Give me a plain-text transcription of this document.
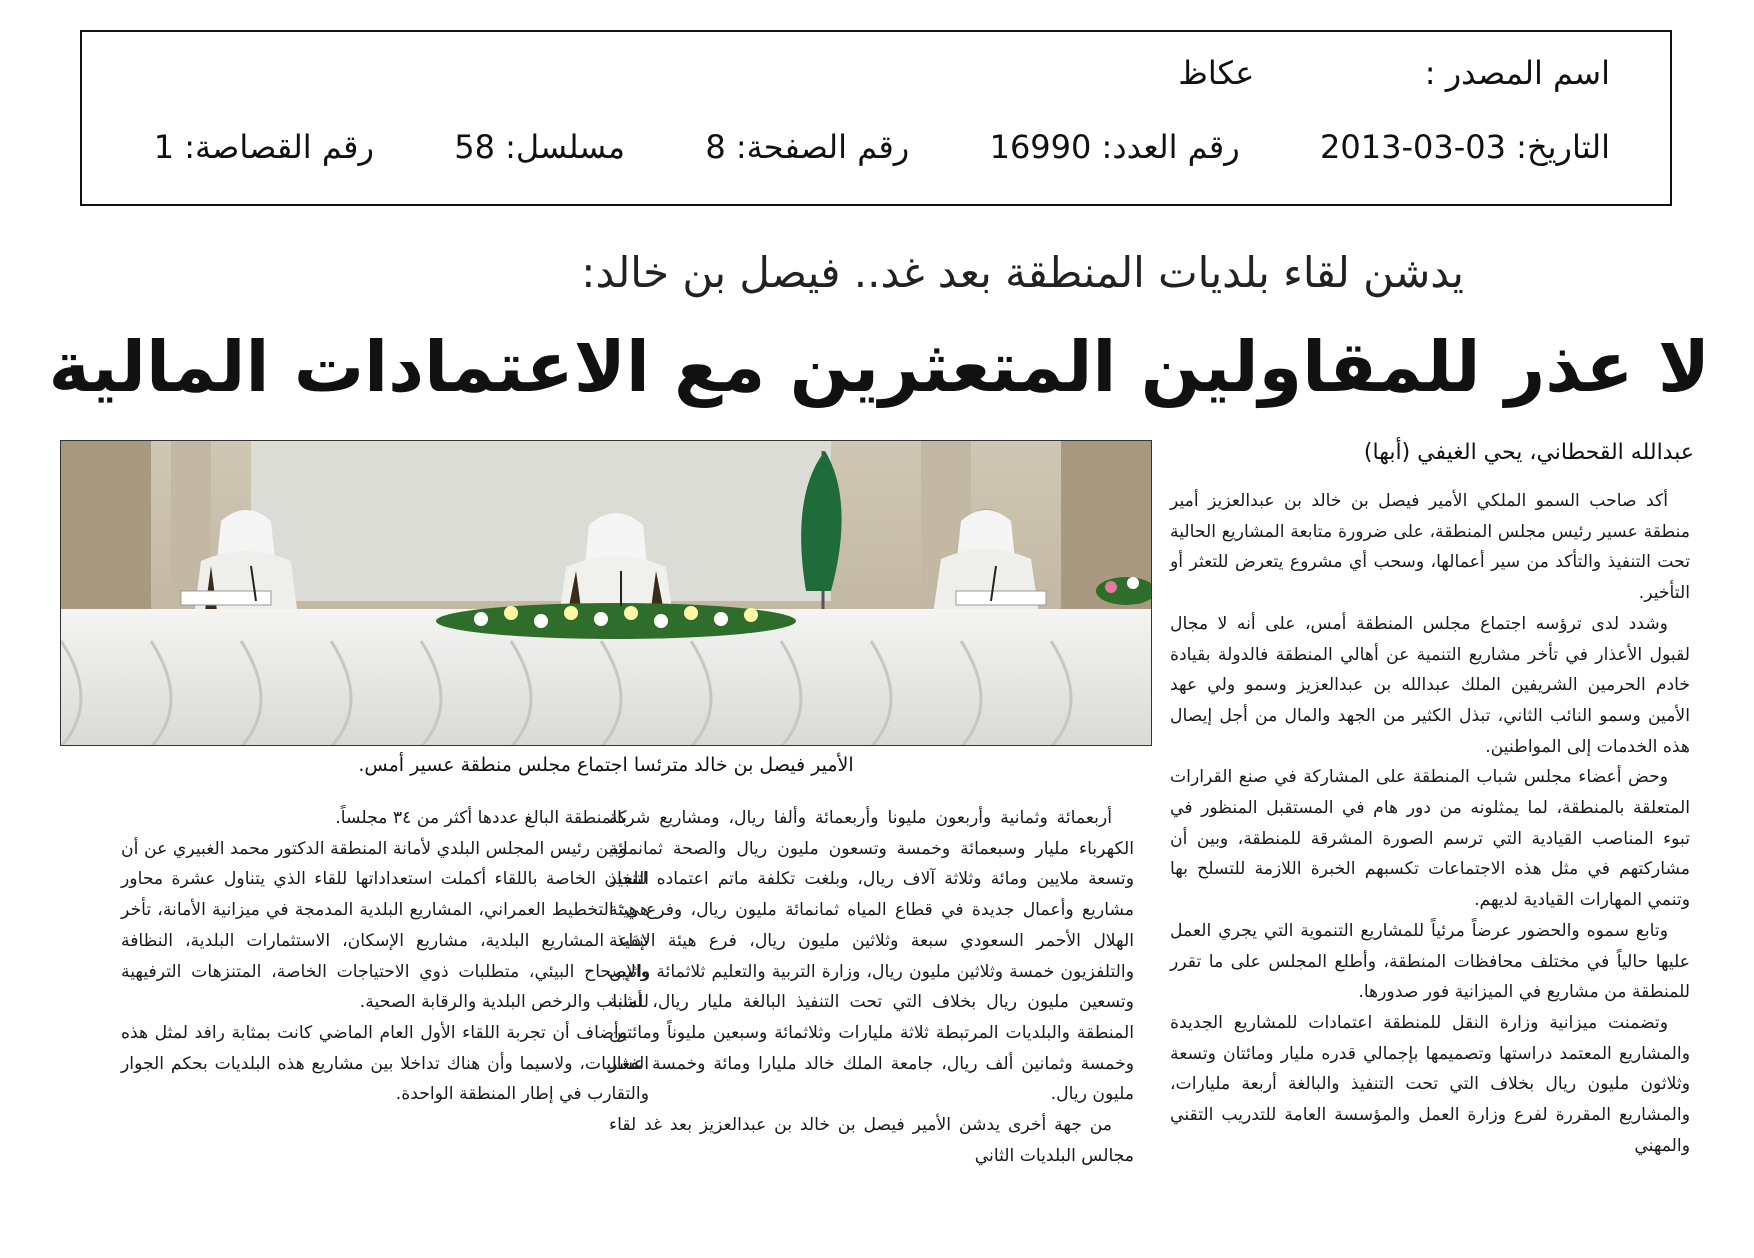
اسم المصدر :  عكاظ
التاريخ: 03-03-2013  رقم العدد: 16990  رقم الصفحة: 8  مسلسل: 58  رقم القصاصة: 1
يدشن لقاء بلديات المنطقة بعد غد.. فيصل بن خالد:
لا عذر للمقاولين المتعثرين مع الاعتمادات المالية
عبدالله القحطاني، يحي الغيفي (أبها)
الأمير فيصل بن خالد مترئسا اجتماع مجلس منطقة عسير أمس.

أكد صاحب السمو الملكي الأمير فيصل بن خالد بن عبدالعزيز أمير منطقة عسير رئيس مجلس المنطقة، على ضرورة متابعة المشاريع الحالية تحت التنفيذ والتأكد من سير أعمالها، وسحب أي مشروع يتعرض للتعثر أو التأخير.

وشدد لدى ترؤسه اجتماع مجلس المنطقة أمس، على أنه لا مجال لقبول الأعذار في تأخر مشاريع التنمية عن أهالي المنطقة فالدولة بقيادة خادم الحرمين الشريفين الملك عبدالله بن عبدالعزيز وسمو ولي عهد الأمين وسمو النائب الثاني، تبذل الكثير من الجهد والمال من أجل إيصال هذه الخدمات إلى المواطنين.

وحض أعضاء مجلس شباب المنطقة على المشاركة في صنع القرارات المتعلقة بالمنطقة، لما يمثلونه من دور هام في المستقبل المنظور في تبوء المناصب القيادية التي ترسم الصورة المشرقة للمنطقة، وبين أن مشاركتهم في مثل هذه الاجتماعات تكسبهم الخبرة اللازمة للتسلح بها وتنمي المهارات القيادية لديهم.

وتابع سموه والحضور عرضاً مرئياً للمشاريع التنموية التي يجري العمل عليها حالياً في مختلف محافظات المنطقة، وأطلع المجلس على ما تقرر للمنطقة من مشاريع في الميزانية فور صدورها.

وتضمنت ميزانية وزارة النقل للمنطقة اعتمادات للمشاريع الجديدة والمشاريع المعتمد دراستها وتصميمها بإجمالي قدره مليار ومائتان وتسعة وثلاثون مليون ريال بخلاف التي تحت التنفيذ والبالغة أربعة مليارات، والمشاريع المقررة لفرع وزارة العمل والمؤسسة العامة للتدريب التقني والمهني

أربعمائة وثمانية وأربعون مليونا وأربعمائة وألفا ريال، ومشاريع شركة الكهرباء مليار وسبعمائة وخمسة وتسعون مليون ريال والصحة ثمانمائة وتسعة ملايين ومائة وثلاثة آلاف ريال، وبلغت تكلفة ماتم اعتماده لتنفيذ مشاريع وأعمال جديدة في قطاع المياه ثمانمائة مليون ريال، وفرع هيئة الهلال الأحمر السعودي سبعة وثلاثين مليون ريال، فرع هيئة الإذاعة والتلفزيون خمسة وثلاثين مليون ريال، وزارة التربية والتعليم ثلاثمائة واثنين وتسعين مليون ريال بخلاف التي تحت التنفيذ البالغة مليار ريال، أمانة المنطقة والبلديات المرتبطة ثلاثة مليارات وثلاثمائة وسبعين مليوناً ومائتين وخمسة وثمانين ألف ريال، جامعة الملك خالد مليارا ومائة وخمسة عشر مليون ريال.

من جهة أخرى يدشن الأمير فيصل بن خالد بن عبدالعزيز بعد غد لقاء مجالس البلديات الثاني

بالمنطقة البالغ عددها أكثر من ٣٤ مجلساً.

وبين رئيس المجلس البلدي لأمانة المنطقة الدكتور محمد الغبيري عن أن اللجان الخاصة باللقاء أكملت استعداداتها للقاء الذي يتناول عشرة محاور هي: التخطيط العمراني، المشاريع البلدية المدمجة في ميزانية الأمانة، تأخر تنفيذ المشاريع البلدية، مشاريع الإسكان، الاستثمارات البلدية، النظافة والإصحاح البيئي، متطلبات ذوي الاحتياجات الخاصة، المتنزهات الترفيهية للشباب والرخص البلدية والرقابة الصحية.

وأضاف أن تجربة اللقاء الأول العام الماضي كانت بمثابة رافد لمثل هذه الفعاليات، ولاسيما وأن هناك تداخلا بين مشاريع هذه البلديات بحكم الجوار والتقارب في إطار المنطقة الواحدة.
